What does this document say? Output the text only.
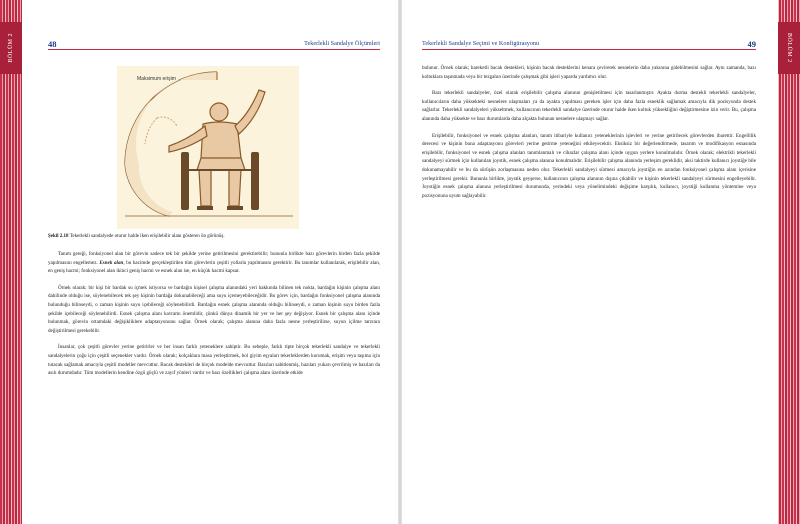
BÖLÜM 2	BÖLÜM 2
48	Tekerlekli Sandalye Ölçümleri
Maksimum erişim
Şekil 2.18 Tekerlekli sandalyede oturur halde iken erişilebilir alanı gösteren ön görünüş.

Tanım gereği, fonksiyonel alan bir görevin sadece tek bir şekilde yerine getirilmesini gerektirebilir; bununla birlikte bazı görevlerin birden fazla şekilde yapılmasını engellemez. Esnek alan, bu hacimde gerçekleştirilen tüm görevlerin çeşitli yollarla yapılmasını gerektirir. Bu tanımlar kullanılarak, erişilebilir alan, en geniş hacmi; fonksiyonel alan ikinci geniş hacmi ve esnek alan ise, en küçük hacmi kapsar.

Örnek olarak; bir kişi bir bardak su içmek istiyorsa ve bardağın kişisel çalışma alanındaki yeri hakkında bilinen tek nokta, bardağın kişinin çalışma alanı dahilinde olduğu ise, söylenebilecek tek şey kişinin bardağa dokunabileceği ama suyu içemeyebileceğidir. Bu görev için, bardağın fonksiyonel çalışma alanında bulunduğu bilinseydi, o zaman kişinin suyu içebileceği söylenebilirdi. Bardağın esnek çalışma alanında olduğu bilinseydi, o zaman kişinin suyu birden fazla şekilde içebileceği söylenebilirdi. Esnek çalışma alanı kavramı önemlidir, çünkü dünya dinamik bir yer ve her şey değişiyor. Esnek bir çalışma alanı içinde bulunmak, görevin ortamdaki değişikliklere adaptasyonunu sağlar. Örnek olarak; çalışma alanına daha fazla nesne yerleştirilirse, suyun içilme tarzının değiştirilmesi gerekebilir.

İnsanlar, çok çeşitli görevler yerine getirirler ve her insan farklı yeteneklere sahiptir. Bu sebeple, farklı tipte birçok tekerlekli sandalye ve tekerlekli sandalyelerin çoğu için çeşitli seçenekler vardır. Örnek olarak; kolçaklara masa yerleştirmek, bol giyim eşyaları tekerleklerden korumak, erişim veya taşıma için tutacak sağlamak amacıyla çeşitli modeller mevcuttur. Bacak destekleri de birçok modelde mevcuttur. Bazıları sabitlenmiş, bazıları yukarı çevrilmiş ve bazıları da asılı durumdadır. Tüm modellerin kendine özgü güçlü ve zayıf yönleri vardır ve bazı özellikleri çalışma alanı üzerinde etkide

Tekerlekli Sandalye Seçimi ve Konfigürasyonu	49

bulunur. Örnek olarak; hareketli bacak destekleri, kişinin bacak desteklerini kenara çevirerek nesnelerin daha yakınına gidebilmesini sağlar. Aynı zamanda, bazı koltuklara taşınmada veya bir tezgahın üzerinde çalışmak gibi işleri yaparda yardımcı olur.

Bazı tekerlekli sandalyeler, özel olarak erişilebilir çalışma alanının genişletilmesi için tasarlanmıştır. Ayakta durma destekli tekerlekli sandalyeler, kullanıcıların daha yüksekteki nesnelere ulaşmaları ya da ayakta yapılması gereken işler için daha fazla esneklik sağlamak amacıyla dik pozisyonda destek sağlarlar. Tekerlekli sandalyeleri yükseltmek, kullanıcının tekerlekli sandalye üzerinde oturur halde iken koltuk yüksekliğini değiştirmesine izin verir. Bu, çalışma alanında daha yüksekte ve bazı durumlarda daha alçakta bulunan nesnelere ulaşmayı sağlar.

Erişilebilir, fonksiyonel ve esnek çalışma alanları, tanım itibariyle kullanıcı yeteneklerinin işlevleri ve yerine getirilecek görevlerden ibarettir. Engellilik derecesi ve kişinin buna adaptasyonu görevleri yerine getirme yeteneğini etkileyecektir. Eksiksiz bir değerlendirmede, tasarım ve modifikasyon esnasında erişilebilir, fonksiyonel ve esnek çalışma alanları tanımlanmalı ve cihazlar çalışma alanı içinde uygun yerlere konulmalıdır. Örnek olarak; elektrikli tekerlekli sandalyeyi sürmek için kullanılan joystik, esnek çalışma alanına konulmalıdır. Erişilebilir çalışma alanında yerleşim gereklidir, aksi taktirde kullanıcı joystiğe bile dokunamayabilir ve bu da sürüşün zorlaşmasına neden olur. Tekerlekli sandalyeyi sürmesi amacıyla joystiğin en azından fonksiyonel çalışma alanı içerisine yerleştirilmesi gerekir. Bununla birlikte, joystik geyşerse, kullanıcının çalışma alanının dışına çıkabilir ve kişinin tekerlekli sandalyeyi sürmesini engelleyebilir. Joystiğin esnek çalışma alanına yerleştirilmesi durumunda, yerindeki veya yönelimindeki değişime karşılık, kullanıcı, joystiği kullanma yöntemine veya pozisyonuna uyum sağlayabilir.
